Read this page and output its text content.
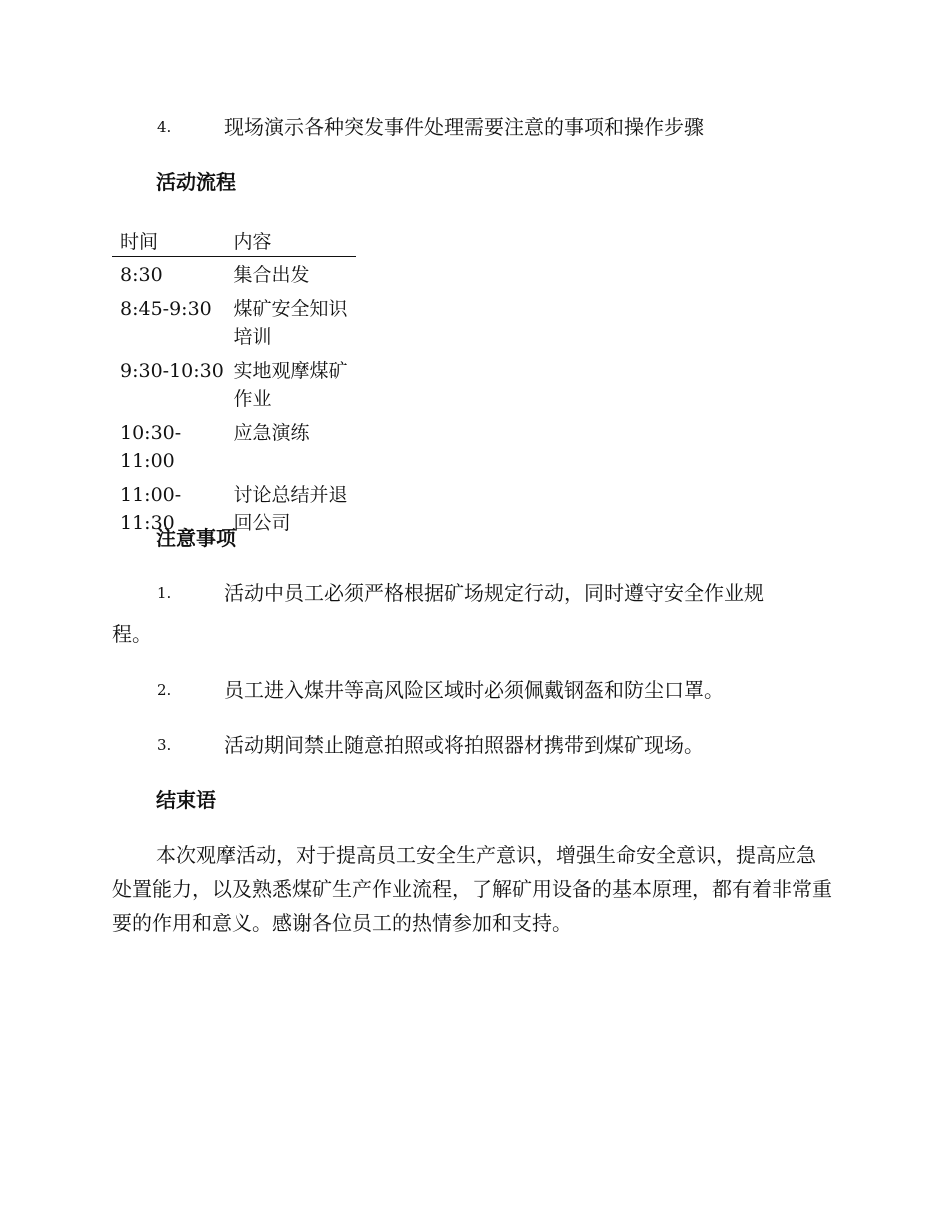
4.	现场演示各种突发事件处理需要注意的事项和操作步骤
活动流程
时间	内容
8:30	集合出发
8:45-9:30	煤矿安全知识培训
9:30-10:30	实地观摩煤矿作业
10:30-11:00	应急演练
11:00-11:30	讨论总结并退回公司
注意事项
1.	活动中员工必须严格根据矿场规定行动，同时遵守安全作业规
程。
2.	员工进入煤井等高风险区域时必须佩戴钢盔和防尘口罩。
3.	活动期间禁止随意拍照或将拍照器材携带到煤矿现场。
结束语
本次观摩活动，对于提高员工安全生产意识，增强生命安全意识，提高应急处置能力，以及熟悉煤矿生产作业流程，了解矿用设备的基本原理，都有着非常重要的作用和意义。感谢各位员工的热情参加和支持。
